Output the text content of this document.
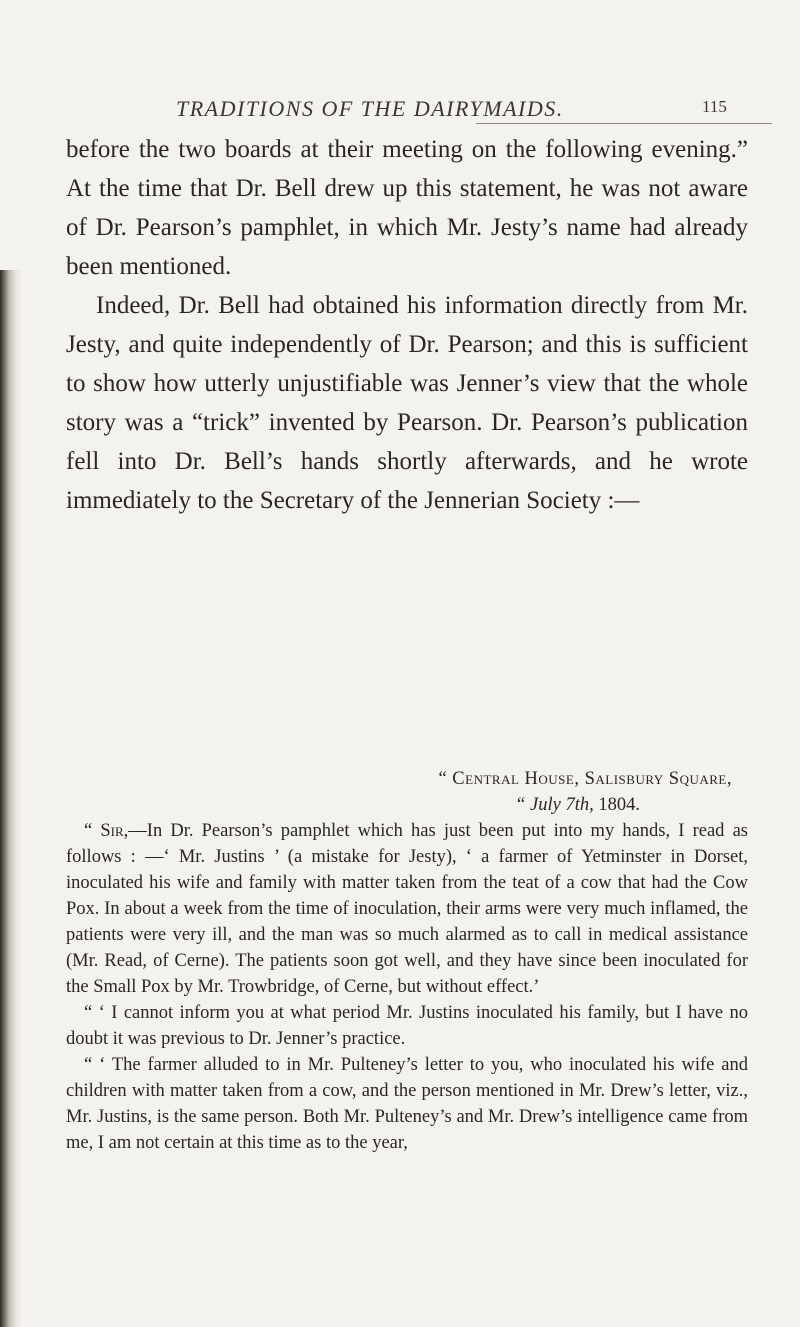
TRADITIONS OF THE DAIRYMAIDS.	115

before the two boards at their meeting on the following evening.” At the time that Dr. Bell drew up this statement, he was not aware of Dr. Pearson’s pamphlet, in which Mr. Jesty’s name had already been mentioned.

Indeed, Dr. Bell had obtained his information directly from Mr. Jesty, and quite independently of Dr. Pearson; and this is sufficient to show how utterly unjustifiable was Jenner’s view that the whole story was a “trick” invented by Pearson. Dr. Pearson’s publication fell into Dr. Bell’s hands shortly afterwards, and he wrote immediately to the Secretary of the Jennerian Society :—

“ Central House, Salisbury Square,
“ July 7th, 1804.

“ Sir,—In Dr. Pearson’s pamphlet which has just been put into my hands, I read as follows : —‘ Mr. Justins ’ (a mistake for Jesty), ‘ a farmer of Yetminster in Dorset, inoculated his wife and family with matter taken from the teat of a cow that had the Cow Pox. In about a week from the time of inoculation, their arms were very much inflamed, the patients were very ill, and the man was so much alarmed as to call in medical assistance (Mr. Read, of Cerne). The patients soon got well, and they have since been inoculated for the Small Pox by Mr. Trowbridge, of Cerne, but without effect.’

“ ‘ I cannot inform you at what period Mr. Justins inoculated his family, but I have no doubt it was previous to Dr. Jenner’s practice.

“ ‘ The farmer alluded to in Mr. Pulteney’s letter to you, who inoculated his wife and children with matter taken from a cow, and the person mentioned in Mr. Drew’s letter, viz., Mr. Justins, is the same person. Both Mr. Pulteney’s and Mr. Drew’s intelligence came from me, I am not certain at this time as to the year,
